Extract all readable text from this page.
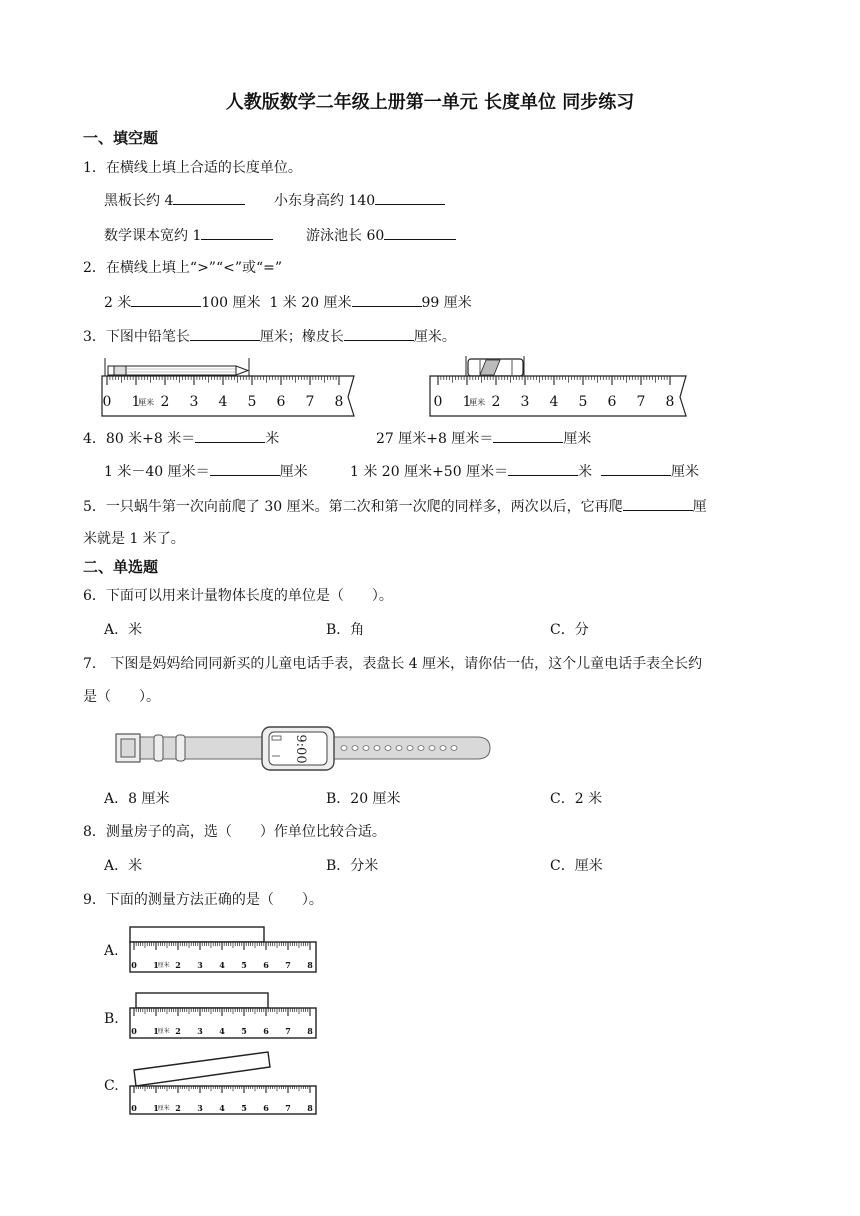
人教版数学二年级上册第一单元 长度单位 同步练习
一、填空题
1．在横线上填上合适的长度单位。
黑板长约 4	小东身高约 140
数学课本宽约 1	游泳池长 60
2．在横线上填上“>”“<”或“=”
2 米	100 厘米 1 米 20 厘米	99 厘米
3．下图中铅笔长	厘米；橡皮长	厘米。
0 1 2 3 4 5 6 7 8
厘米	0 1 2 3 4 5 6 7 8
厘米
4．80 米+8 米＝	米	27 厘米+8 厘米＝	厘米
1 米－40 厘米＝	厘米	1 米 20 厘米+50 厘米＝	米	厘米
5．一只蜗牛第一次向前爬了 30 厘米。第二次和第一次爬的同样多，两次以后，它再爬	厘
米就是 1 米了。
二、单选题
6．下面可以用来计量物体长度的单位是（　　）。
A．米	B．角	C．分
7． 下图是妈妈给同同新买的儿童电话手表，表盘长 4 厘米，请你估一估，这个儿童电话手表全长约
是（　　）。
9:00
A．8 厘米	B．20 厘米	C．2 米
8．测量房子的高，选（　　）作单位比较合适。
A．米	B．分米	C．厘米
9．下面的测量方法正确的是（　　）。
A.
0 1 2 3 4 5 6 7 8
厘米
B.
0 1 2 3 4 5 6 7 8
厘米
C.
0 1 2 3 4 5 6 7 8
厘米
